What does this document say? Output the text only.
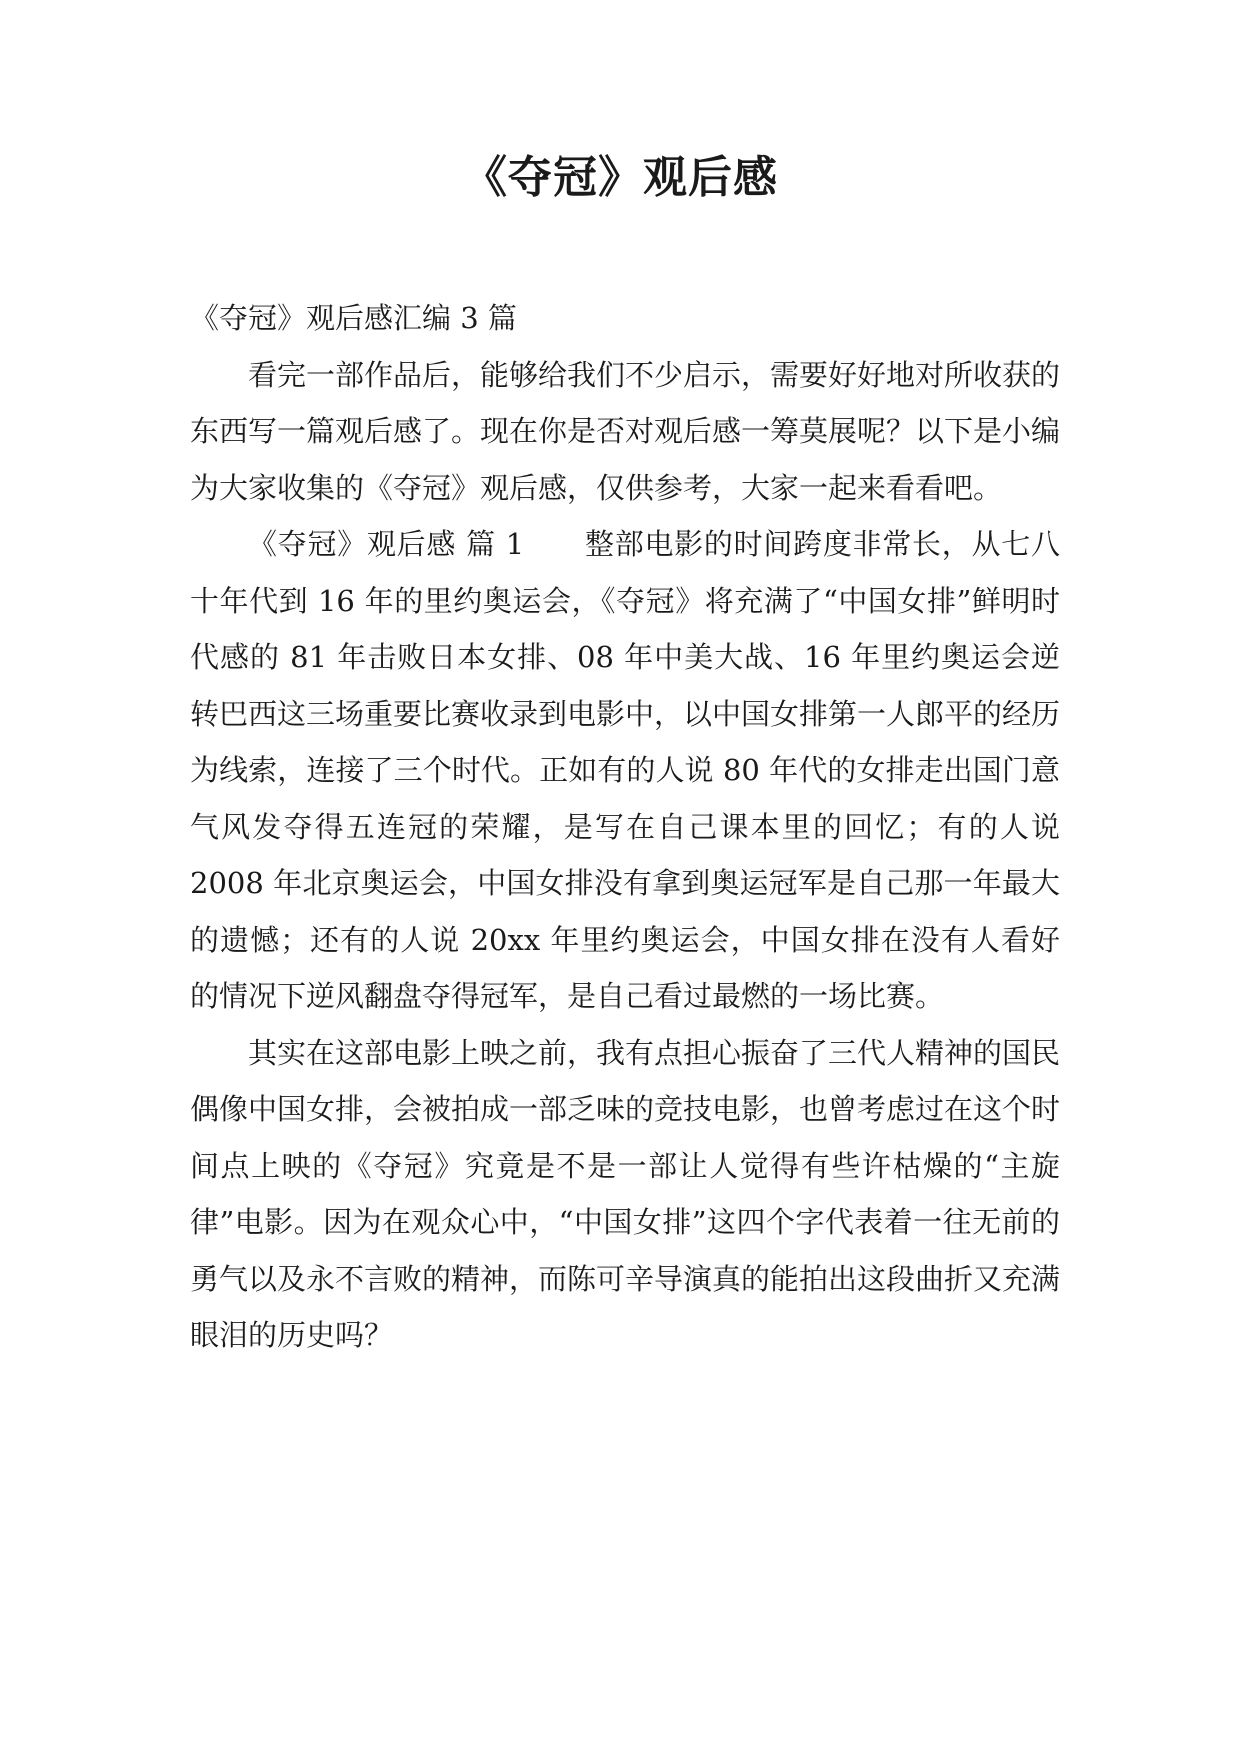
《夺冠》观后感

《夺冠》观后感汇编 3 篇

看完一部作品后，能够给我们不少启示，需要好好地对所收获的东西写一篇观后感了。现在你是否对观后感一筹莫展呢？以下是小编为大家收集的《夺冠》观后感，仅供参考，大家一起来看看吧。

《夺冠》观后感 篇 1 整部电影的时间跨度非常长，从七八十年代到 16 年的里约奥运会，《夺冠》将充满了“中国女排”鲜明时代感的 81 年击败日本女排、08 年中美大战、16 年里约奥运会逆转巴西这三场重要比赛收录到电影中，以中国女排第一人郎平的经历为线索，连接了三个时代。正如有的人说 80 年代的女排走出国门意气风发夺得五连冠的荣耀，是写在自己课本里的回忆；有的人说 2008 年北京奥运会，中国女排没有拿到奥运冠军是自己那一年最大的遗憾；还有的人说 20xx 年里约奥运会，中国女排在没有人看好的情况下逆风翻盘夺得冠军，是自己看过最燃的一场比赛。

其实在这部电影上映之前，我有点担心振奋了三代人精神的国民偶像中国女排，会被拍成一部乏味的竞技电影，也曾考虑过在这个时间点上映的《夺冠》究竟是不是一部让人觉得有些许枯燥的“主旋律”电影。因为在观众心中，“中国女排”这四个字代表着一往无前的勇气以及永不言败的精神，而陈可辛导演真的能拍出这段曲折又充满眼泪的历史吗？
